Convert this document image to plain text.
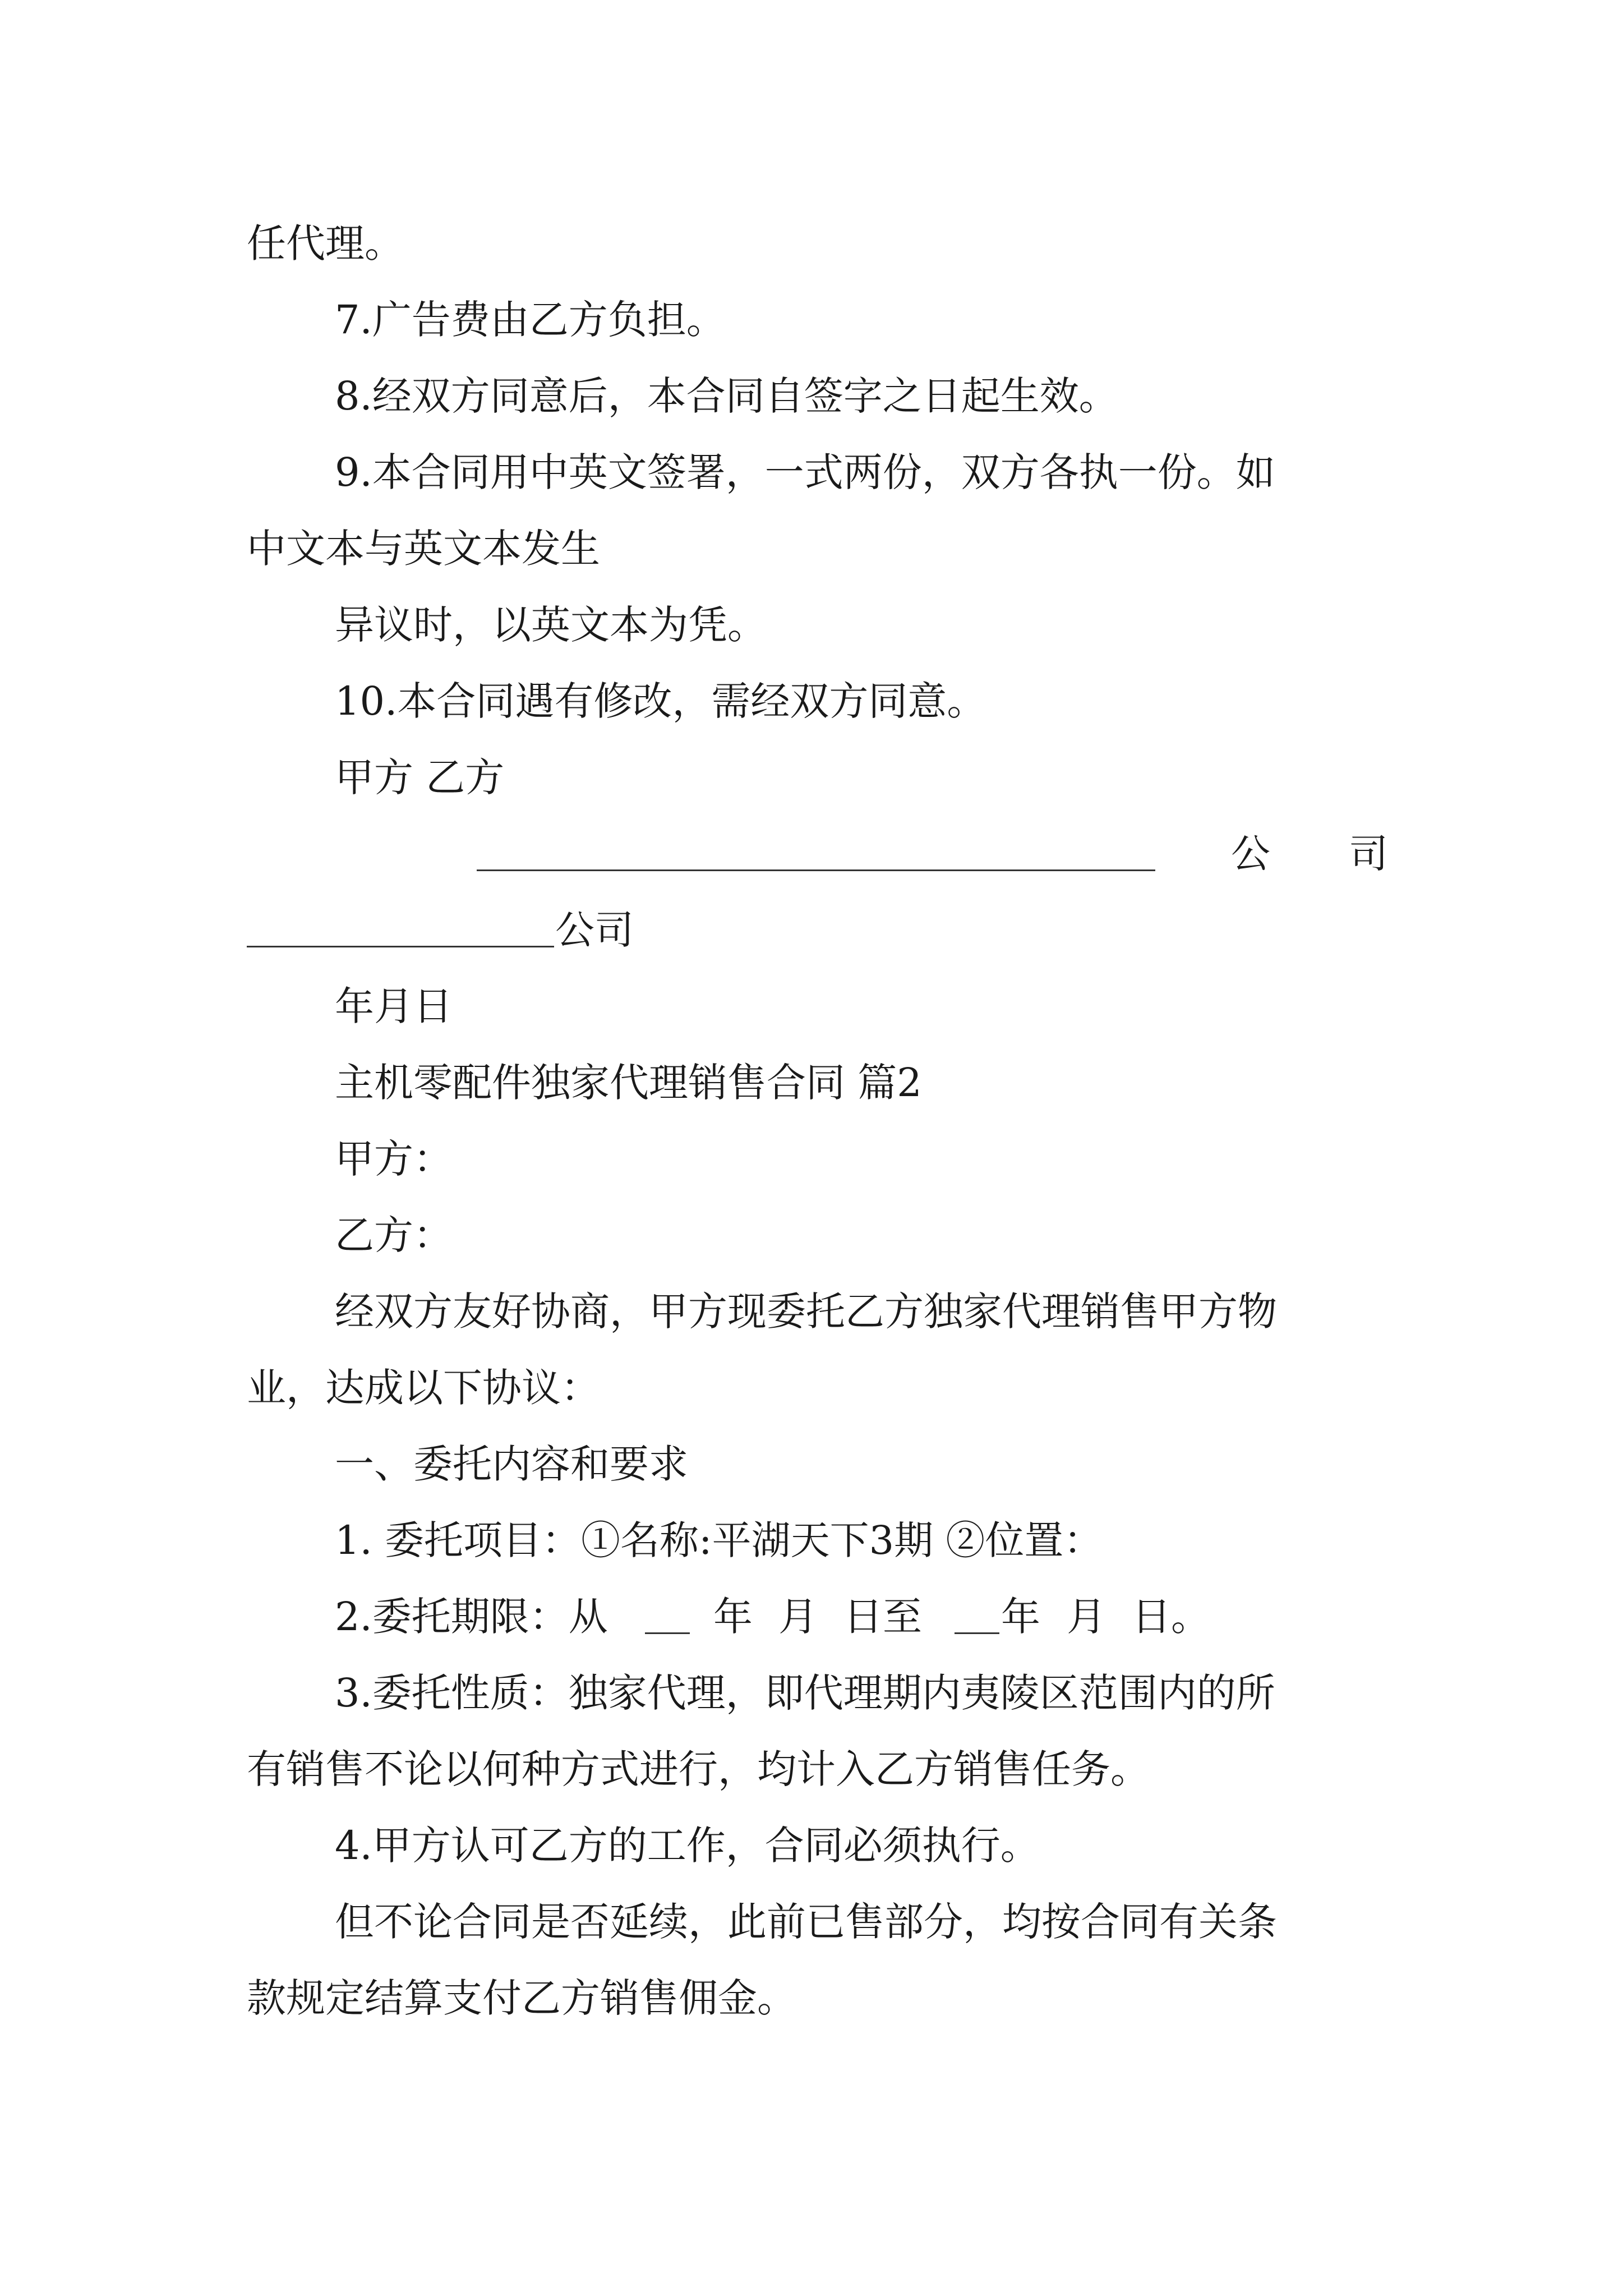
任代理。
7.广告费由乙方负担。
8.经双方同意后，本合同自签字之日起生效。
9.本合同用中英文签署，一式两份，双方各执一份。如
中文本与英文本发生
异议时，以英文本为凭。
10.本合同遇有修改，需经双方同意。
甲方 乙方
公 司
公司
年月日
主机零配件独家代理销售合同 篇2
甲方：
乙方：
经双方友好协商，甲方现委托乙方独家代理销售甲方物
业，达成以下协议：
一、委托内容和要求
1. 委托项目：①名称:平湖天下3期 ②位置：
2.委托期限：从	年 月 日至 年 月 日。
3.委托性质：独家代理，即代理期内夷陵区范围内的所
有销售不论以何种方式进行，均计入乙方销售任务。
4.甲方认可乙方的工作，合同必须执行。
但不论合同是否延续，此前已售部分，均按合同有关条
款规定结算支付乙方销售佣金。
